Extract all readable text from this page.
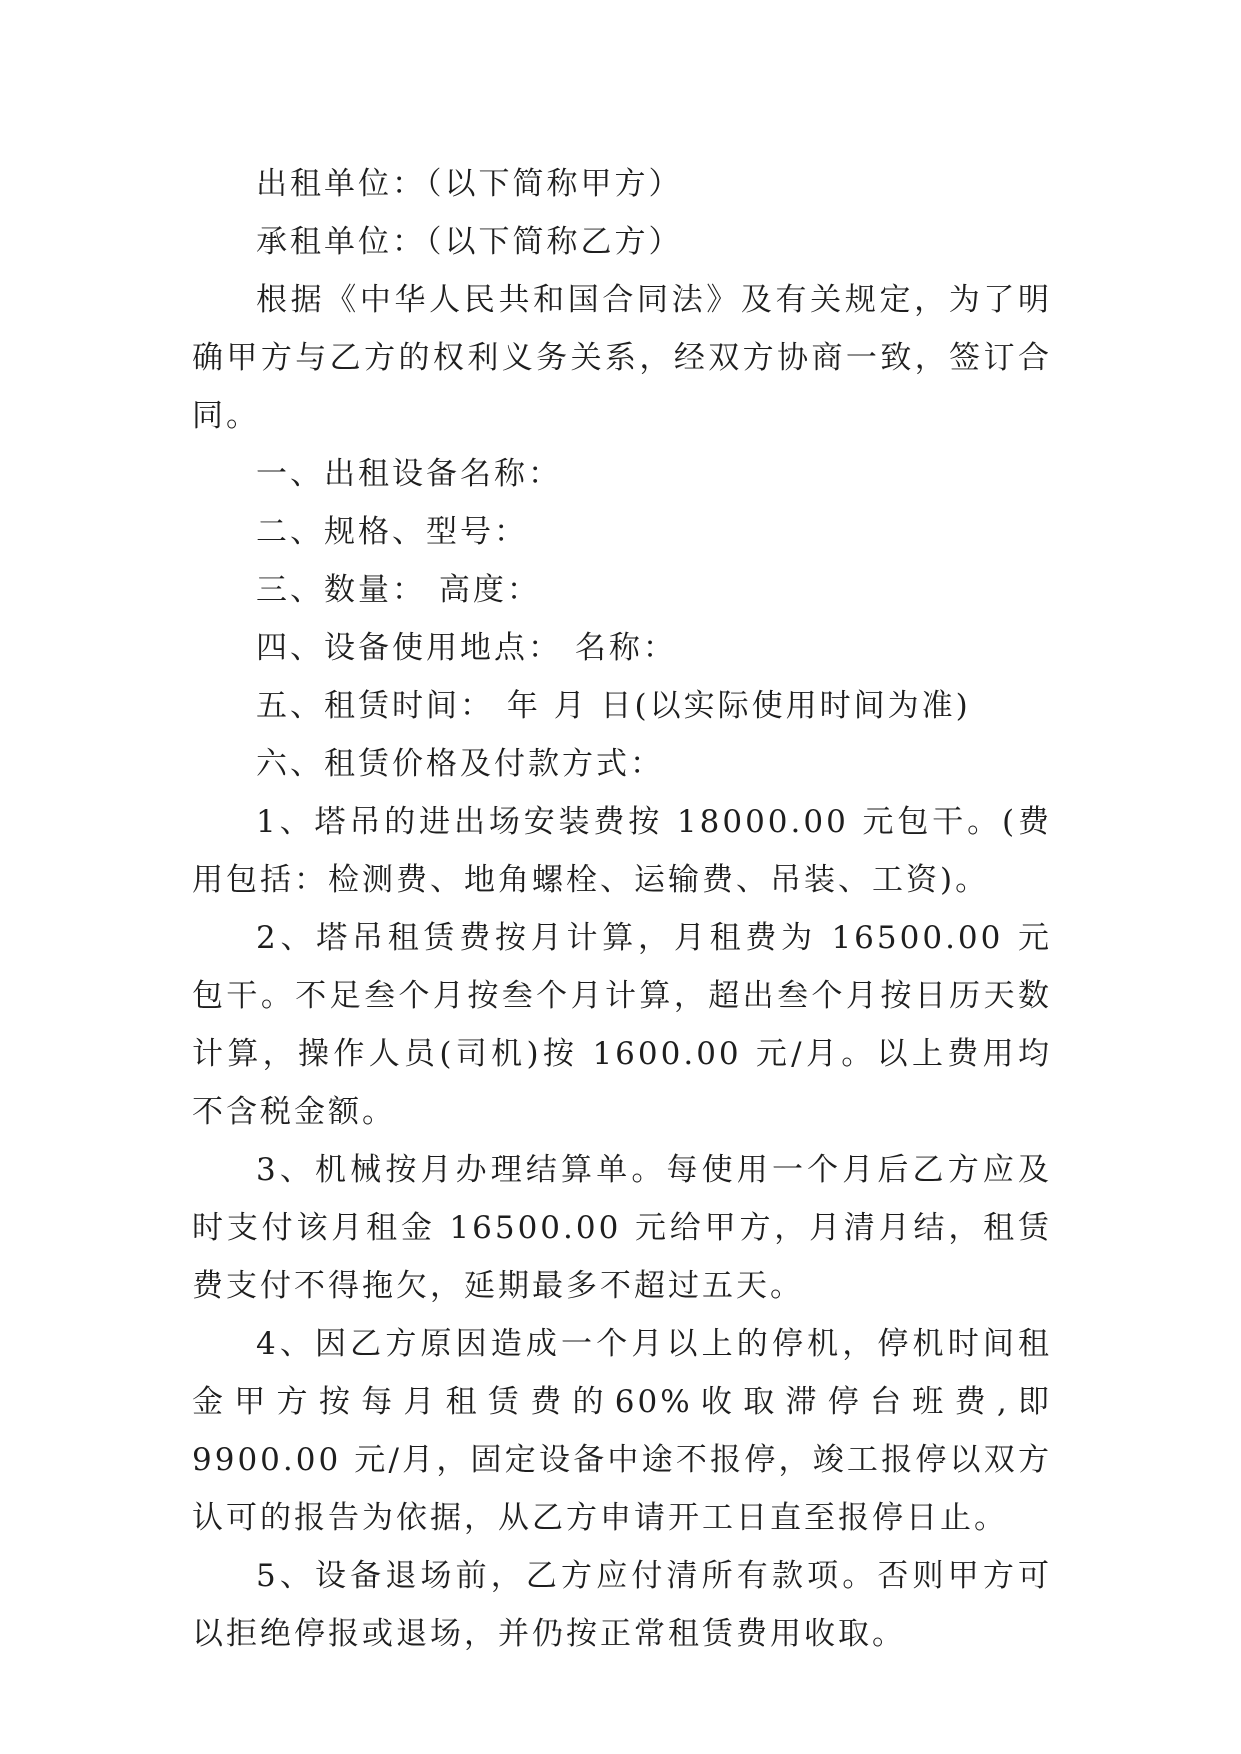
出租单位：（以下简称甲方）

承租单位：（以下简称乙方）

根据《中华人民共和国合同法》及有关规定，为了明确甲方与乙方的权利义务关系，经双方协商一致，签订合同。

一、出租设备名称：

二、规格、型号：

三、数量： 高度：

四、设备使用地点： 名称：

五、租赁时间： 年 月 日(以实际使用时间为准)

六、租赁价格及付款方式：

1、塔吊的进出场安装费按 18000.00 元包干。(费用包括：检测费、地角螺栓、运输费、吊装、工资)。

2、塔吊租赁费按月计算，月租费为 16500.00 元包干。不足叁个月按叁个月计算，超出叁个月按日历天数计算，操作人员(司机)按 1600.00 元/月。以上费用均不含税金额。

3、机械按月办理结算单。每使用一个月后乙方应及时支付该月租金 16500.00 元给甲方，月清月结，租赁费支付不得拖欠，延期最多不超过五天。

4、因乙方原因造成一个月以上的停机，停机时间租金甲方按每月租赁费的60%收取滞停台班费,即 9900.00 元/月，固定设备中途不报停，竣工报停以双方认可的报告为依据，从乙方申请开工日直至报停日止。

5、设备退场前，乙方应付清所有款项。否则甲方可以拒绝停报或退场，并仍按正常租赁费用收取。
